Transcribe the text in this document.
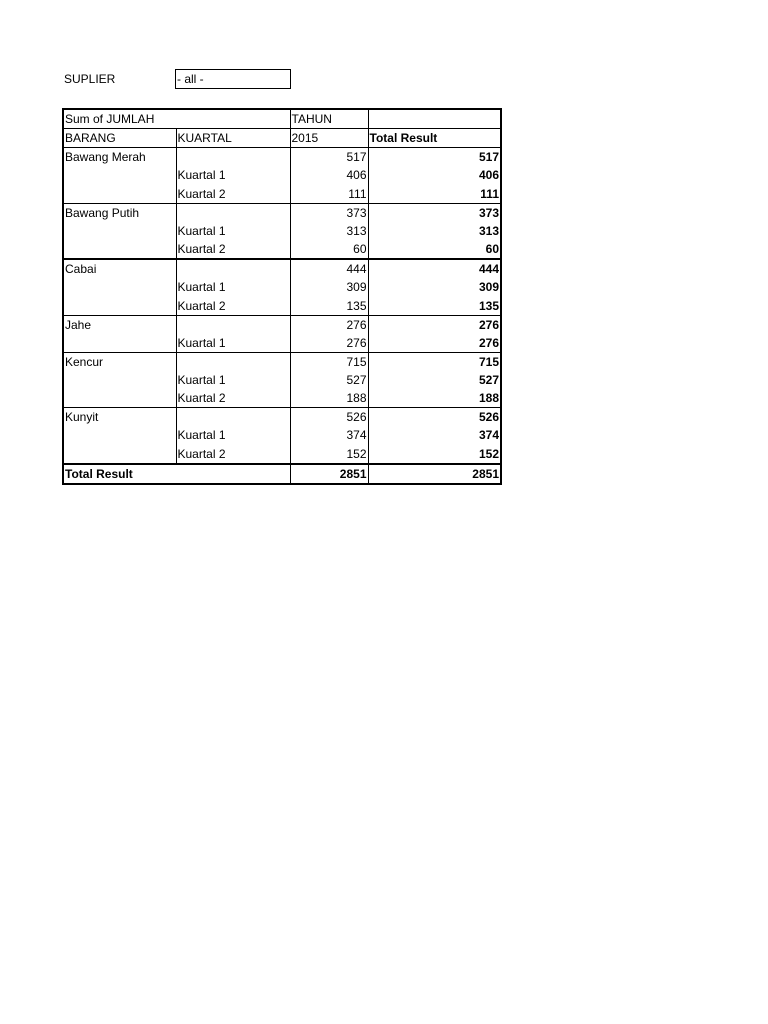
SUPLIER	- all -
Sum of JUMLAH		TAHUN	
BARANG	KUARTAL	2015	Total Result
Bawang Merah		517	517
	Kuartal 1	406	406
	Kuartal 2	111	111
Bawang Putih		373	373
	Kuartal 1	313	313
	Kuartal 2	60	60
Cabai		444	444
	Kuartal 1	309	309
	Kuartal 2	135	135
Jahe		276	276
	Kuartal 1	276	276
Kencur		715	715
	Kuartal 1	527	527
	Kuartal 2	188	188
Kunyit		526	526
	Kuartal 1	374	374
	Kuartal 2	152	152
Total Result		2851	2851
